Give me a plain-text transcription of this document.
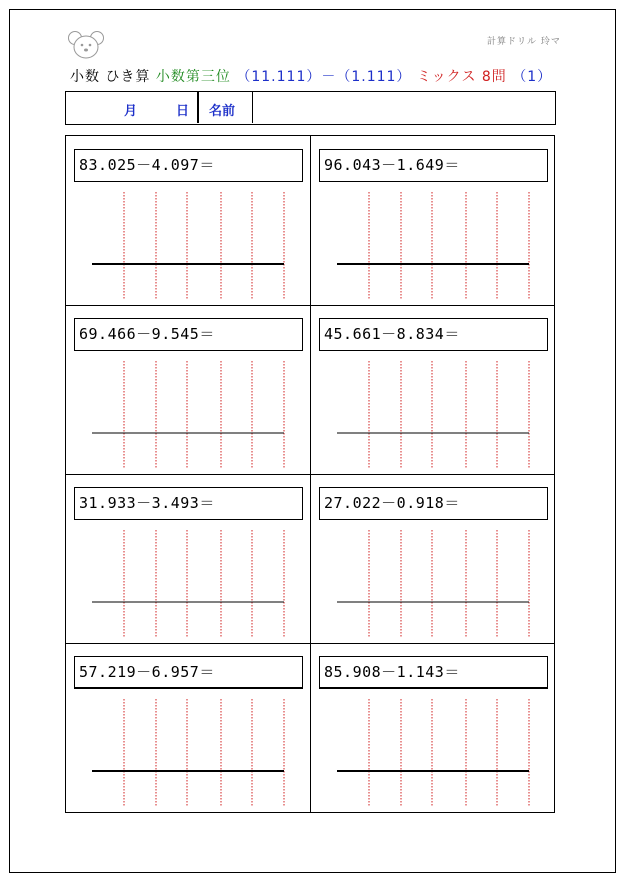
計算ドリル 玲マ
小数 ひき算 小数第三位 （11.111）－（1.111） ミックス 8問 （1）
月	日 名前
83.025－4.097＝	96.043－1.649＝
69.466－9.545＝	45.661－8.834＝
31.933－3.493＝	27.022－0.918＝
57.219－6.957＝	85.908－1.143＝
